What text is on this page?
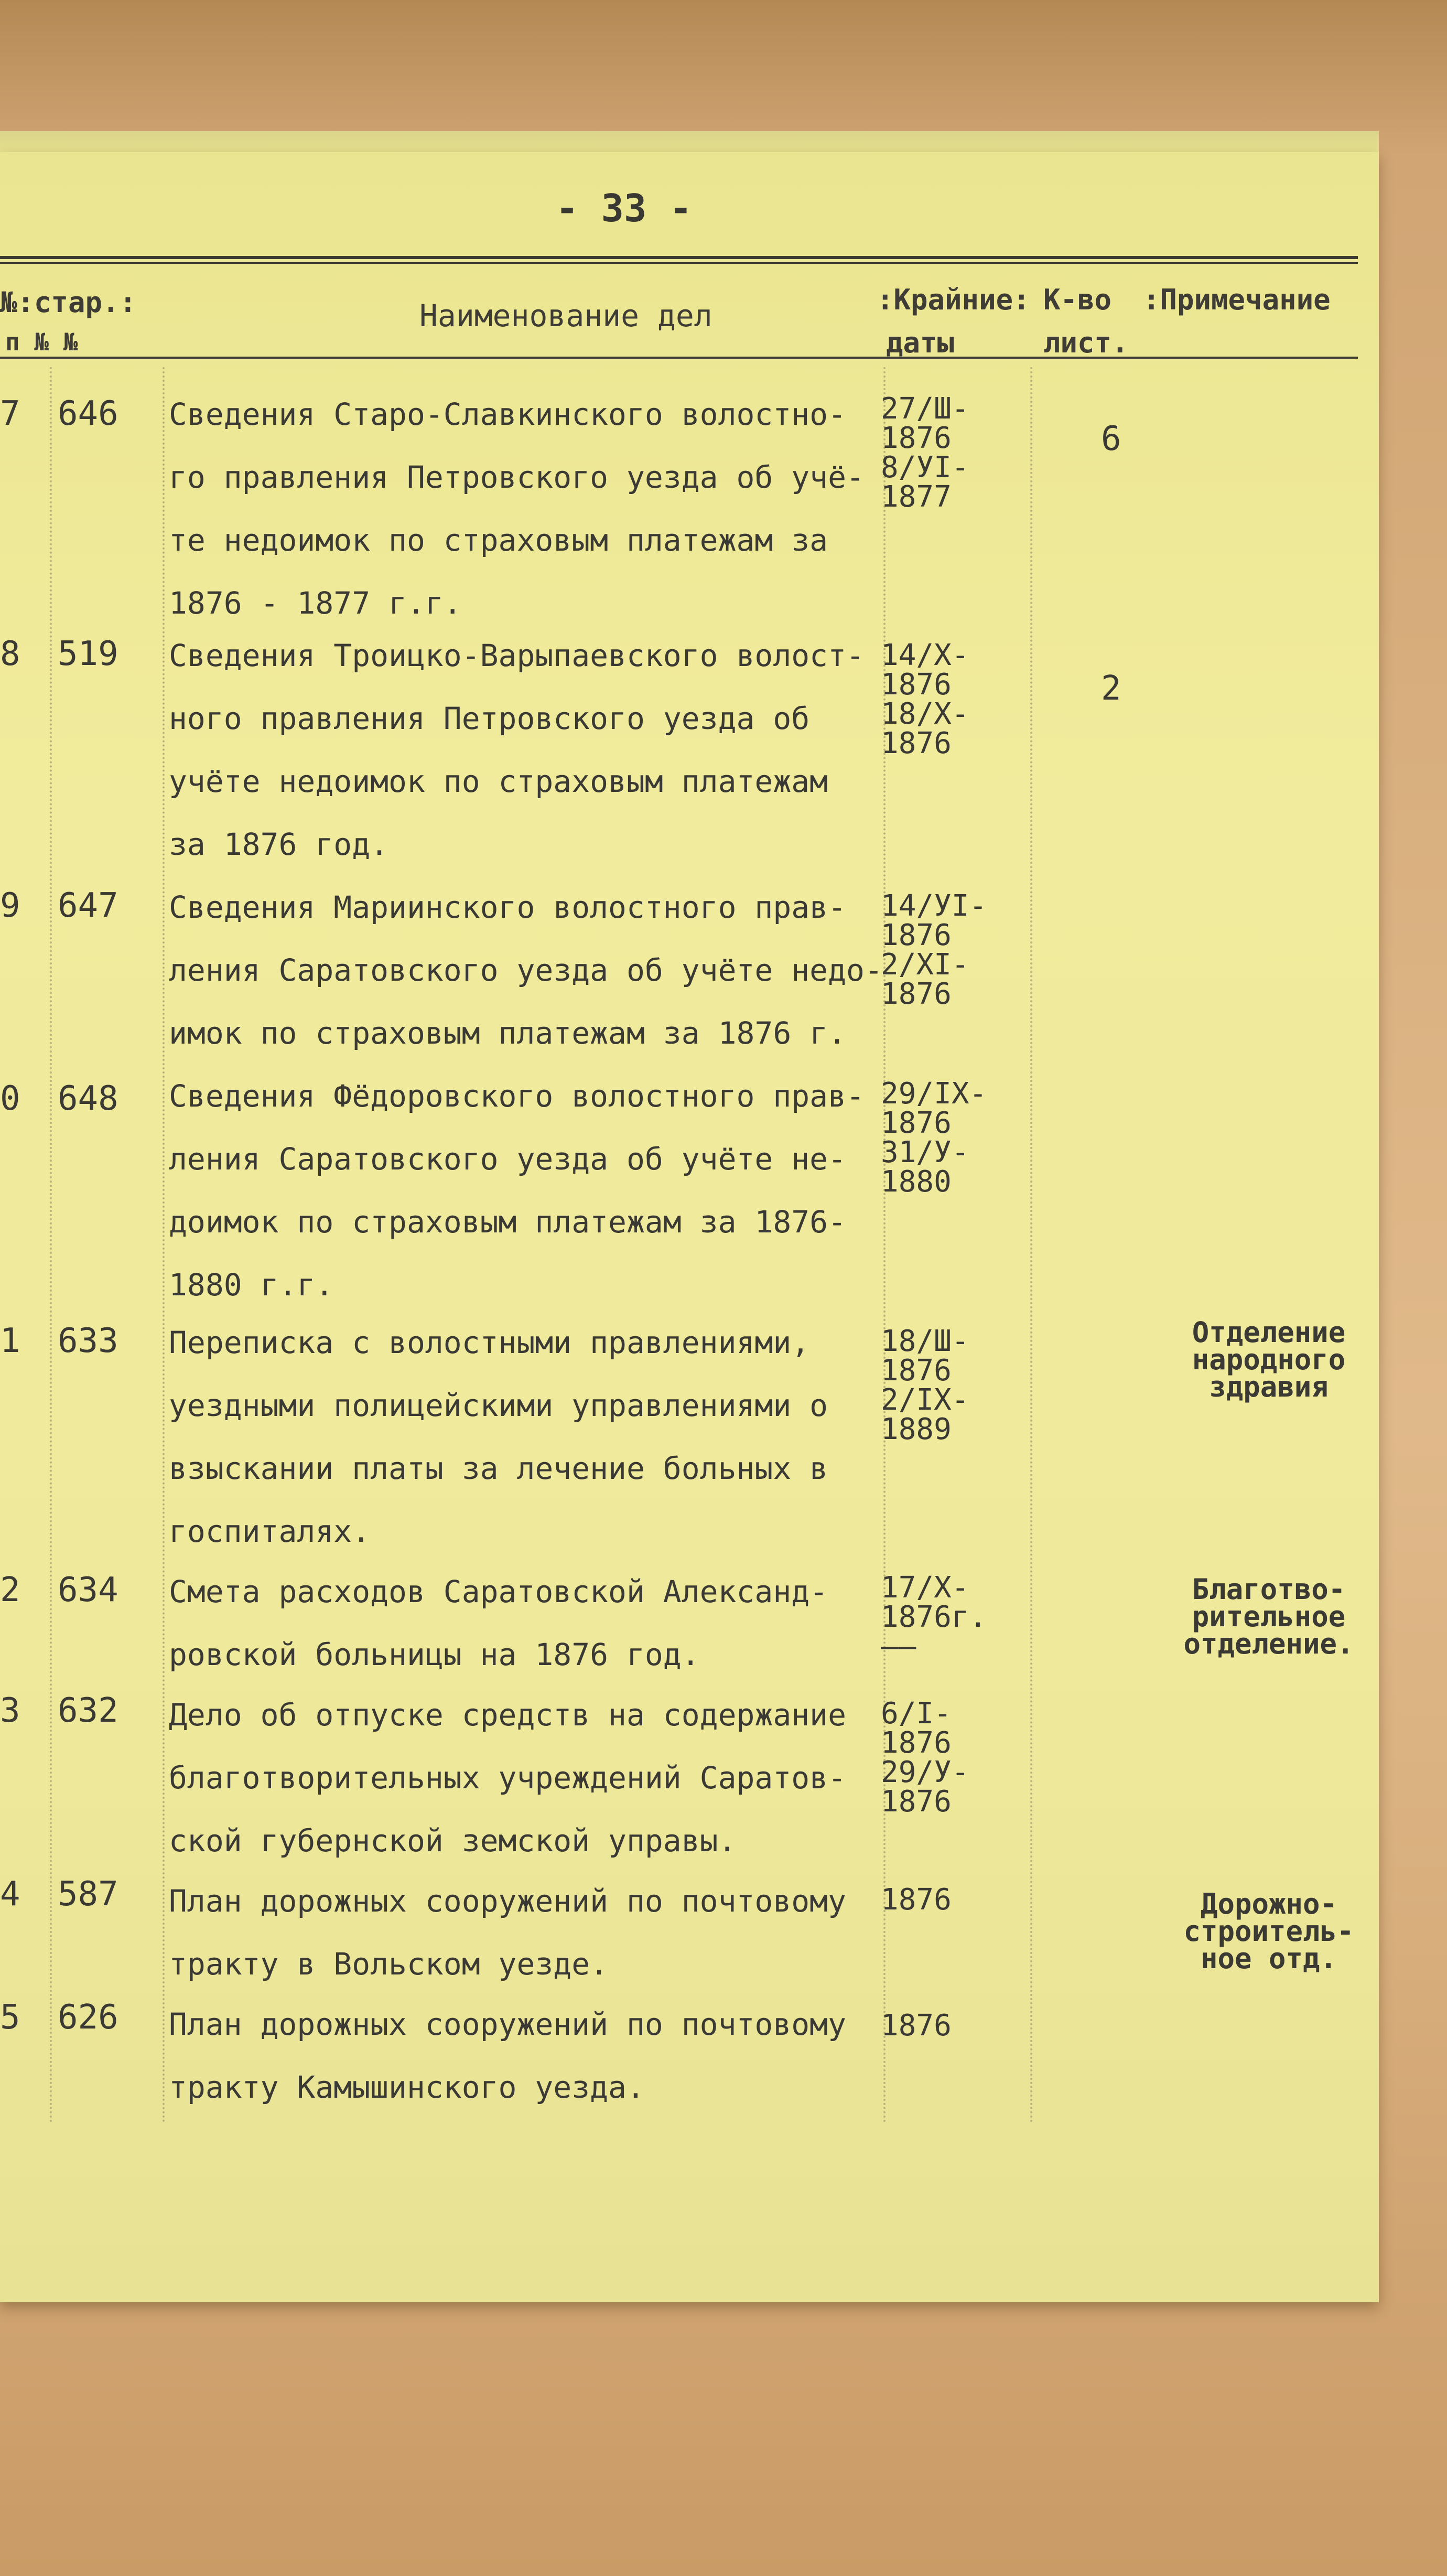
- 33 -
№:стар.:
п № №
Наименование дел	:Крайние:
даты
К-во
лист.
:Примечание
7 646 Сведения Старо-Славкинского волостно-
го правления Петровского уезда об учё-
те недоимок по страховым платежам за
1876 - 1877 г.г.
27/Ш-
1876
8/УI-
1877
6
8 519 Сведения Троицко-Варыпаевского волост-
ного правления Петровского уезда об
учёте недоимок по страховым платежам
за 1876 год.
14/Х-
1876
18/Х-
1876
2
9 647 Сведения Мариинского волостного прав-
ления Саратовского уезда об учёте недо-
имок по страховым платежам за 1876 г.
14/УI-
1876
2/ХI-
1876
0 648 Сведения Фёдоровского волостного прав-
ления Саратовского уезда об учёте не-
доимок по страховым платежам за 1876-
1880 г.г.
29/IХ-
1876
31/У-
1880
1 633 Переписка с волостными правлениями,
уездными полицейскими управлениями о
взыскании платы за лечение больных в
госпиталях.
18/Ш-
1876
2/IХ-
1889
Отделение
народного
здравия
2 634 Смета расходов Саратовской Александ-
ровской больницы на 1876 год.
17/Х-
1876г.
——
Благотво-
рительное
отделение.
3 632 Дело об отпуске средств на содержание
благотворительных учреждений Саратов-
ской губернской земской управы.
6/I-
1876
29/У-
1876
4 587 План дорожных сооружений по почтовому
тракту в Вольском уезде.
1876	Дорожно-
строитель-
ное отд.
5 626 План дорожных сооружений по почтовому
тракту Камышинского уезда.
1876
